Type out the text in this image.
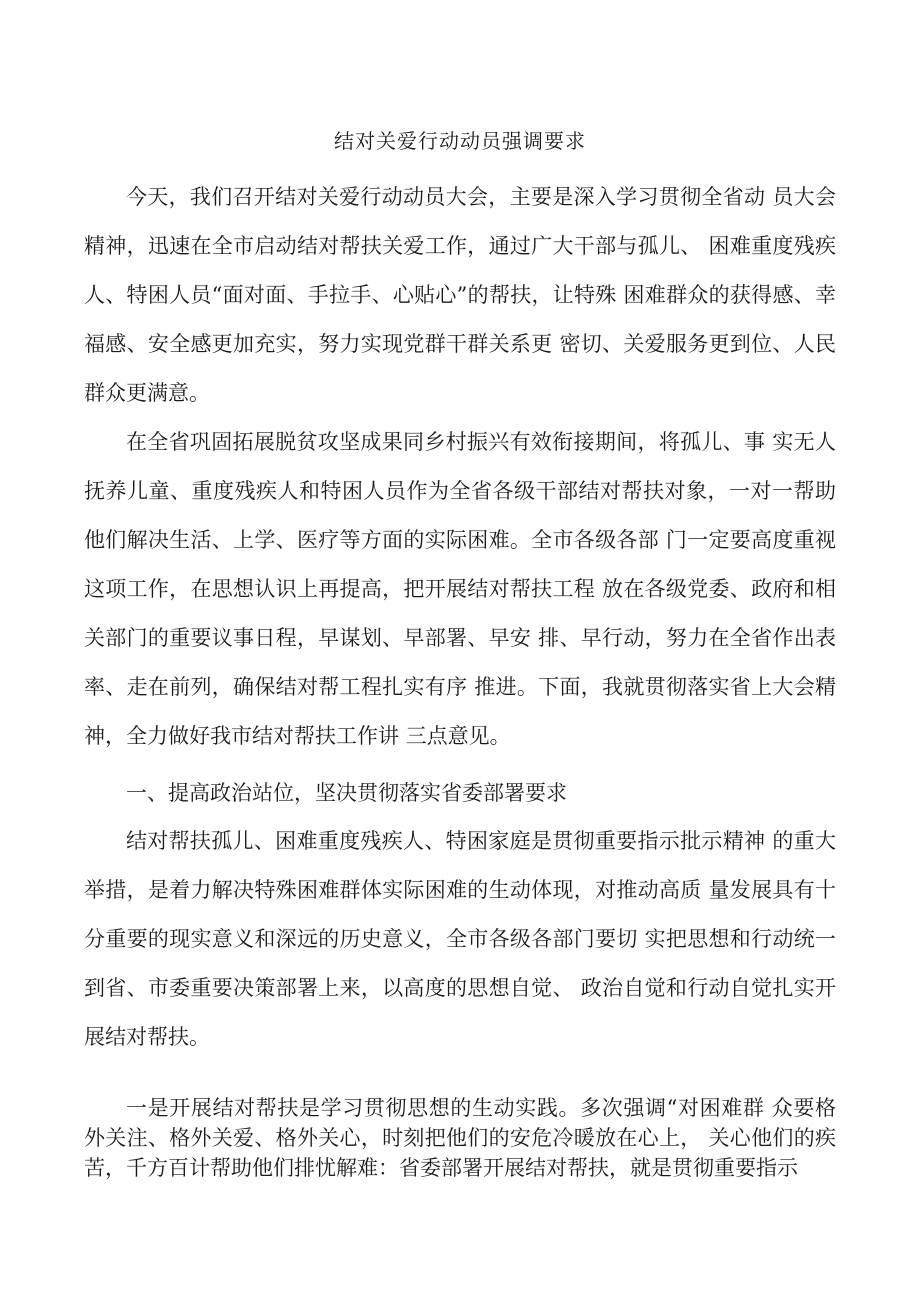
结对关爱行动动员强调要求

今天，我们召开结对关爱行动动员大会，主要是深入学习贯彻全省动 员大会精神，迅速在全市启动结对帮扶关爱工作，通过广大干部与孤儿、 困难重度残疾人、特困人员“面对面、手拉手、心贴心”的帮扶，让特殊 困难群众的获得感、幸福感、安全感更加充实，努力实现党群干群关系更 密切、关爱服务更到位、人民群众更满意。

在全省巩固拓展脱贫攻坚成果同乡村振兴有效衔接期间，将孤儿、事 实无人抚养儿童、重度残疾人和特困人员作为全省各级干部结对帮扶对象，一对一帮助他们解决生活、上学、医疗等方面的实际困难。全市各级各部 门一定要高度重视这项工作，在思想认识上再提高，把开展结对帮扶工程 放在各级党委、政府和相关部门的重要议事日程，早谋划、早部署、早安 排、早行动，努力在全省作出表率、走在前列，确保结对帮工程扎实有序 推进。下面，我就贯彻落实省上大会精神，全力做好我市结对帮扶工作讲 三点意见。

一、提高政治站位，坚决贯彻落实省委部署要求

结对帮扶孤儿、困难重度残疾人、特困家庭是贯彻重要指示批示精神 的重大举措，是着力解决特殊困难群体实际困难的生动体现，对推动高质 量发展具有十分重要的现实意义和深远的历史意义，全市各级各部门要切 实把思想和行动统一到省、市委重要决策部署上来，以高度的思想自觉、 政治自觉和行动自觉扎实开展结对帮扶。

一是开展结对帮扶是学习贯彻思想的生动实践。多次强调“对困难群 众要格外关注、格外关爱、格外关心，时刻把他们的安危冷暖放在心上， 关心他们的疾苦，千方百计帮助他们排忧解难：省委部署开展结对帮扶，就是贯彻重要指示
